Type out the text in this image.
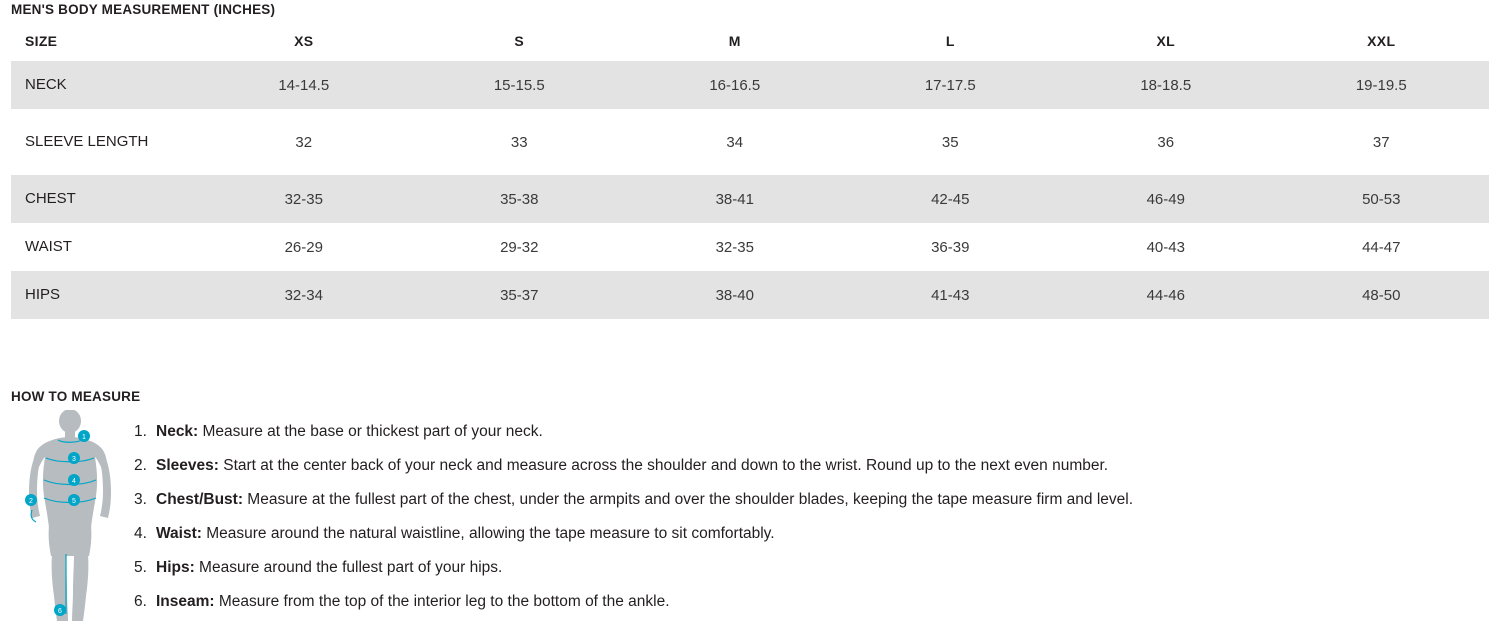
MEN'S BODY MEASUREMENT (INCHES)
SIZE	XS	S	M	L	XL	XXL
NECK	14-14.5	15-15.5	16-16.5	17-17.5	18-18.5	19-19.5
SLEEVE LENGTH	32	33	34	35	36	37
CHEST	32-35	35-38	38-41	42-45	46-49	50-53
WAIST	26-29	29-32	32-35	36-39	40-43	44-47
HIPS	32-34	35-37	38-40	41-43	44-46	48-50
HOW TO MEASURE
1
3
4
5
2
6
1. Neck: Measure at the base or thickest part of your neck.
2. Sleeves: Start at the center back of your neck and measure across the shoulder and down to the wrist. Round up to the next even number.
3. Chest/Bust: Measure at the fullest part of the chest, under the armpits and over the shoulder blades, keeping the tape measure firm and level.
4. Waist: Measure around the natural waistline, allowing the tape measure to sit comfortably.
5. Hips: Measure around the fullest part of your hips.
6. Inseam: Measure from the top of the interior leg to the bottom of the ankle.
